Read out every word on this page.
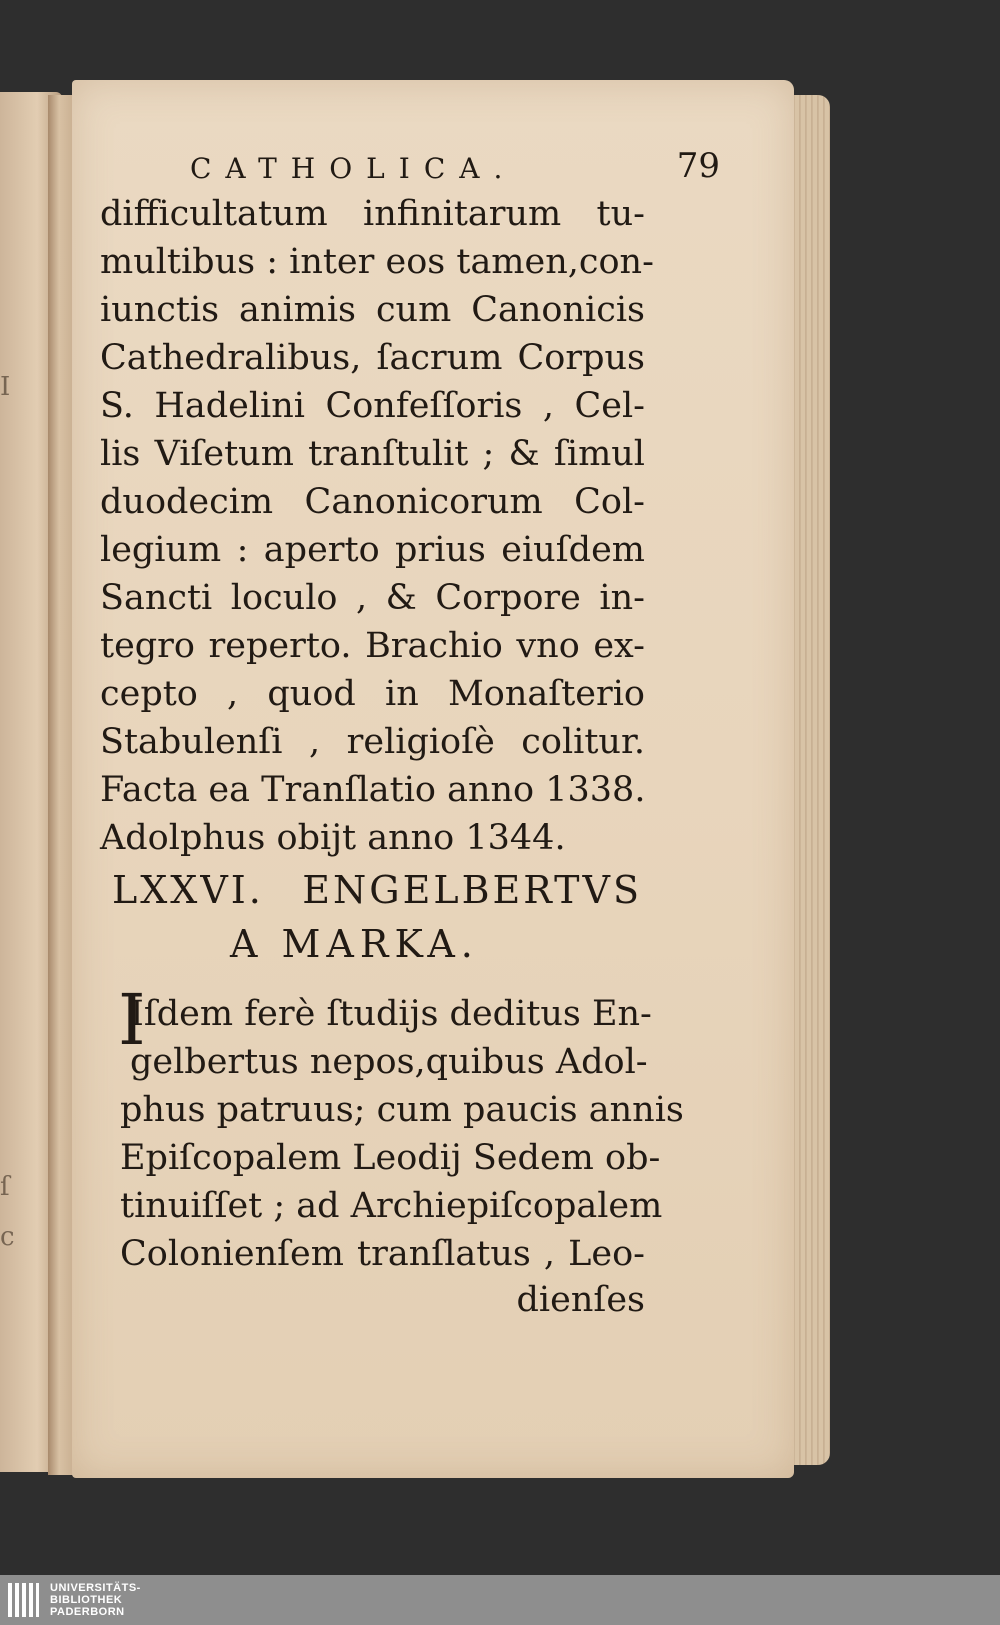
I
ſ
c
CATHOLICA.	79
difficultatum infinitarum tu-
multibus : inter eos tamen,con-
iunctis animis cum Canonicis
Cathedralibus, ſacrum Corpus
S. Hadelini Confeſſoris , Cel-
lis Viſetum tranſtulit ; & ſimul
duodecim Canonicorum Col-
legium : aperto prius eiuſdem
Sancti loculo , & Corpore in-
tegro reperto. Brachio vno ex-
cepto , quod in Monaſterio
Stabulenſi , religioſè colitur.
Facta ea Tranſlatio anno 1338.
Adolphus obijt anno 1344.
LXXVI. ENGELBERTVS
A MARKA.
I
Iſdem ferè ſtudijs deditus En-
gelbertus nepos,quibus Adol-
phus patruus; cum paucis annis
Epiſcopalem Leodij Sedem ob-
tinuiſſet ; ad Archiepiſcopalem
Colonienſem tranſlatus , Leo-
dienſes
UNIVERSITÄTS-
BIBLIOTHEK
PADERBORN
